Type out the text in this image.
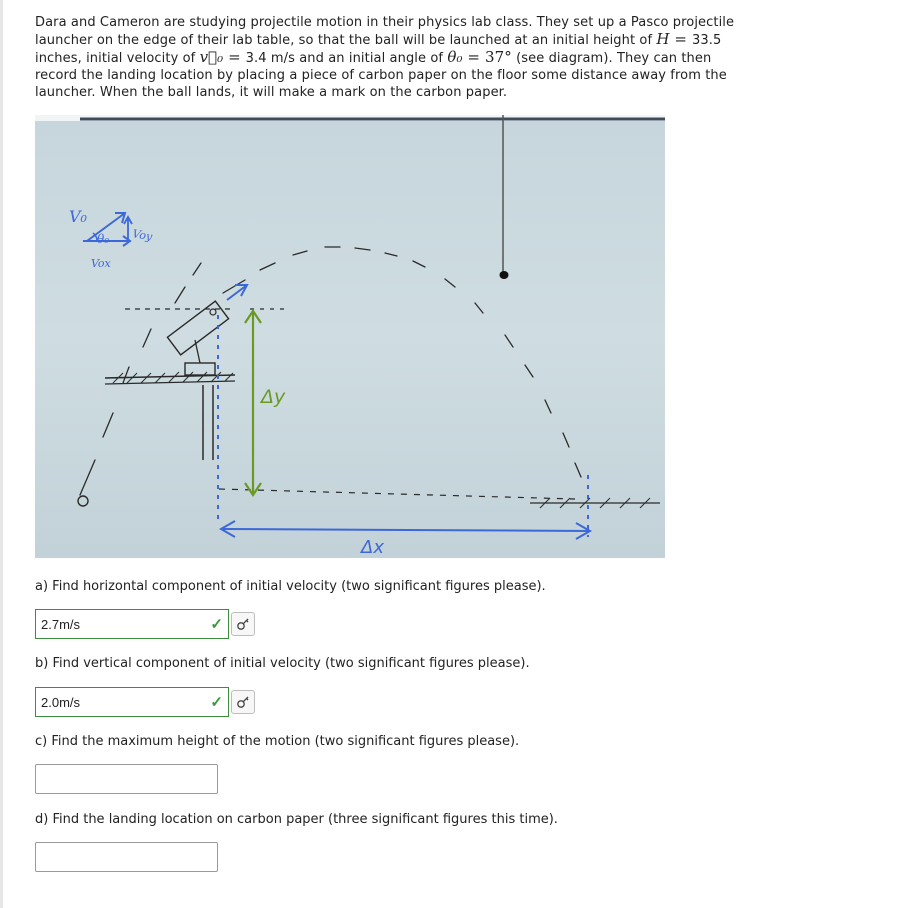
Dara and Cameron are studying projectile motion in their physics lab class. They set up a Pasco projectile launcher on the edge of their lab table, so that the ball will be launched at an initial height of H = 33.5 inches, initial velocity of v⃗₀ = 3.4 m/s and an initial angle of θ₀ = 37° (see diagram). They can then record the landing location by placing a piece of carbon paper on the floor some distance away from the launcher. When the ball lands, it will make a mark on the carbon paper.
Δy
Δx
V₀
θ₀ Voy
Vox
a) Find horizontal component of initial velocity (two significant figures please).
2.7m/s	✓
b) Find vertical component of initial velocity (two significant figures please).
2.0m/s	✓
c) Find the maximum height of the motion (two significant figures please).
d) Find the landing location on carbon paper (three significant figures this time).
